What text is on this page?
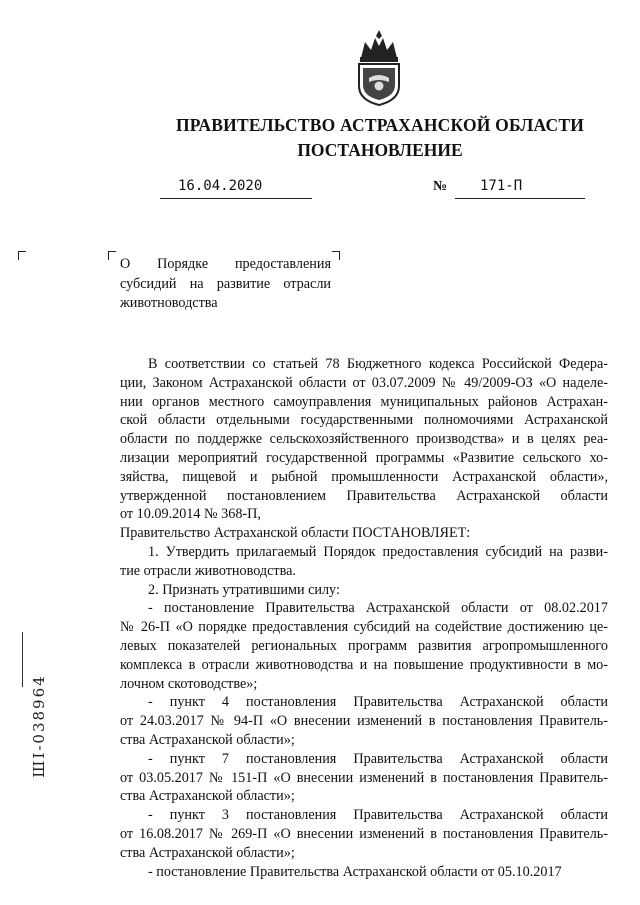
ПРАВИТЕЛЬСТВО АСТРАХАНСКОЙ ОБЛАСТИ
ПОСТАНОВЛЕНИЕ
16.04.2020	№ 171-П
О Порядке предоставления
субсидий на развитие отрасли
животноводства

В соответствии со статьей 78 Бюджетного кодекса Российской Федера-

ции, Законом Астраханской области от 03.07.2009 № 49/2009-ОЗ «О наделе-

нии органов местного самоуправления муниципальных районов Астрахан-

ской области отдельными государственными полномочиями Астраханской

области по поддержке сельскохозяйственного производства» и в целях реа-

лизации мероприятий государственной программы «Развитие сельского хо-

зяйства, пищевой и рыбной промышленности Астраханской области»,

утвержденной постановлением Правительства Астраханской области

от 10.09.2014 № 368-П,

Правительство Астраханской области ПОСТАНОВЛЯЕТ:

1. Утвердить прилагаемый Порядок предоставления субсидий на разви-

тие отрасли животноводства.

2. Признать утратившими силу:

- постановление Правительства Астраханской области от 08.02.2017

№ 26-П «О порядке предоставления субсидий на содействие достижению це-

левых показателей региональных программ развития агропромышленного

комплекса в отрасли животноводства и на повышение продуктивности в мо-

лочном скотоводстве»;

- пункт 4 постановления Правительства Астраханской области

от 24.03.2017 № 94-П «О внесении изменений в постановления Правитель-

ства Астраханской области»;

- пункт 7 постановления Правительства Астраханской области

от 03.05.2017 № 151-П «О внесении изменений в постановления Правитель-

ства Астраханской области»;

- пункт 3 постановления Правительства Астраханской области

от 16.08.2017 № 269-П «О внесении изменений в постановления Правитель-

ства Астраханской области»;

- постановление Правительства Астраханской области от 05.10.2017

ШI-038964
